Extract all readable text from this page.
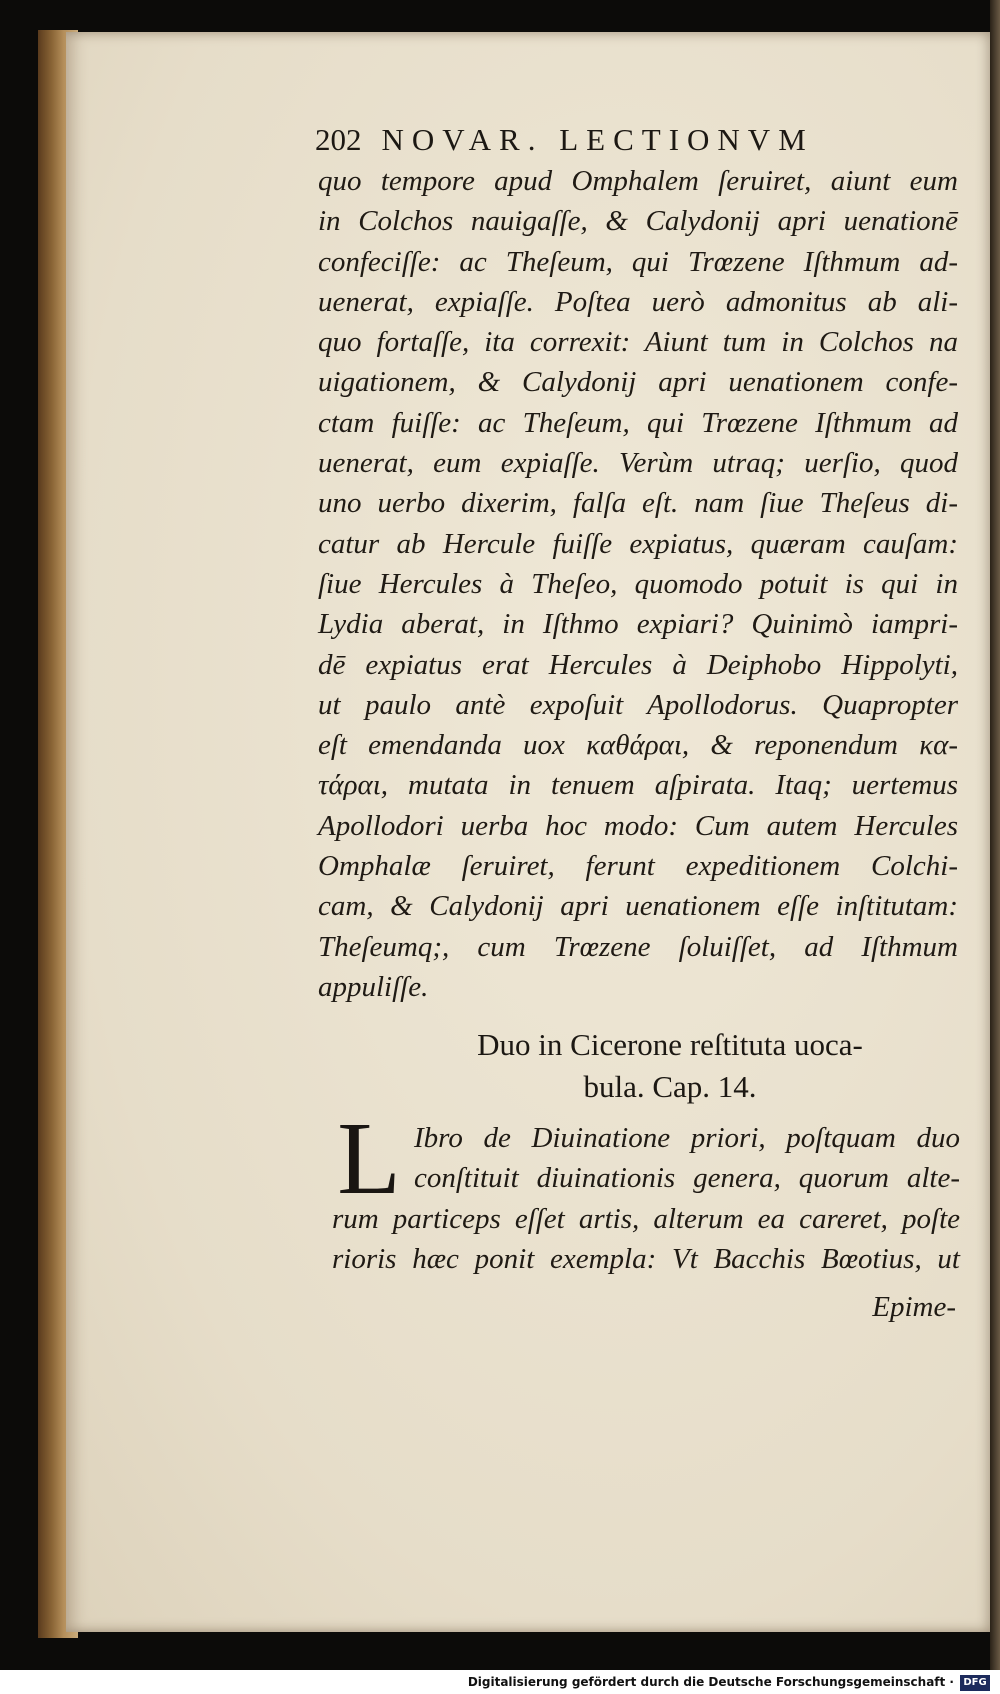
202 NOVAR. LECTIONVM
quo tempore apud Omphalem ſeruiret, aiunt eum
in Colchos nauigaſſe, & Calydonij apri uenationē
confeciſſe: ac Theſeum, qui Trœzene Iſthmum ad-
uenerat, expiaſſe. Poſtea uerò admonitus ab ali-
quo fortaſſe, ita correxit: Aiunt tum in Colchos na
uigationem, & Calydonij apri uenationem confe-
ctam fuiſſe: ac Theſeum, qui Trœzene Iſthmum ad
uenerat, eum expiaſſe. Verùm utraq; uerſio, quod
uno uerbo dixerim, falſa eſt. nam ſiue Theſeus di-
catur ab Hercule fuiſſe expiatus, quæram cauſam:
ſiue Hercules à Theſeo, quomodo potuit is qui in
Lydia aberat, in Iſthmo expiari? Quinimò iampri-
dē expiatus erat Hercules à Deiphobo Hippolyti,
ut paulo antè expoſuit Apollodorus. Quapropter
eſt emendanda uox καθάραι, & reponendum κα-
τάραι, mutata in tenuem aſpirata. Itaq; uertemus
Apollodori uerba hoc modo: Cum autem Hercules
Omphalæ ſeruiret, ferunt expeditionem Colchi-
cam, & Calydonij apri uenationem eſſe inſtitutam:
Theſeumq;, cum Trœzene ſoluiſſet, ad Iſthmum
appuliſſe.
Duo in Cicerone reſtituta uoca-
bula. Cap. 14.
L Ibro de Diuinatione priori, poſtquam duo
conſtituit diuinationis genera, quorum alte-
rum particeps eſſet artis, alterum ea careret, poſte
rioris hæc ponit exempla: Vt Bacchis Bœotius, ut
Epime-
Digitalisierung gefördert durch die Deutsche Forschungsgemeinschaft · DFG
